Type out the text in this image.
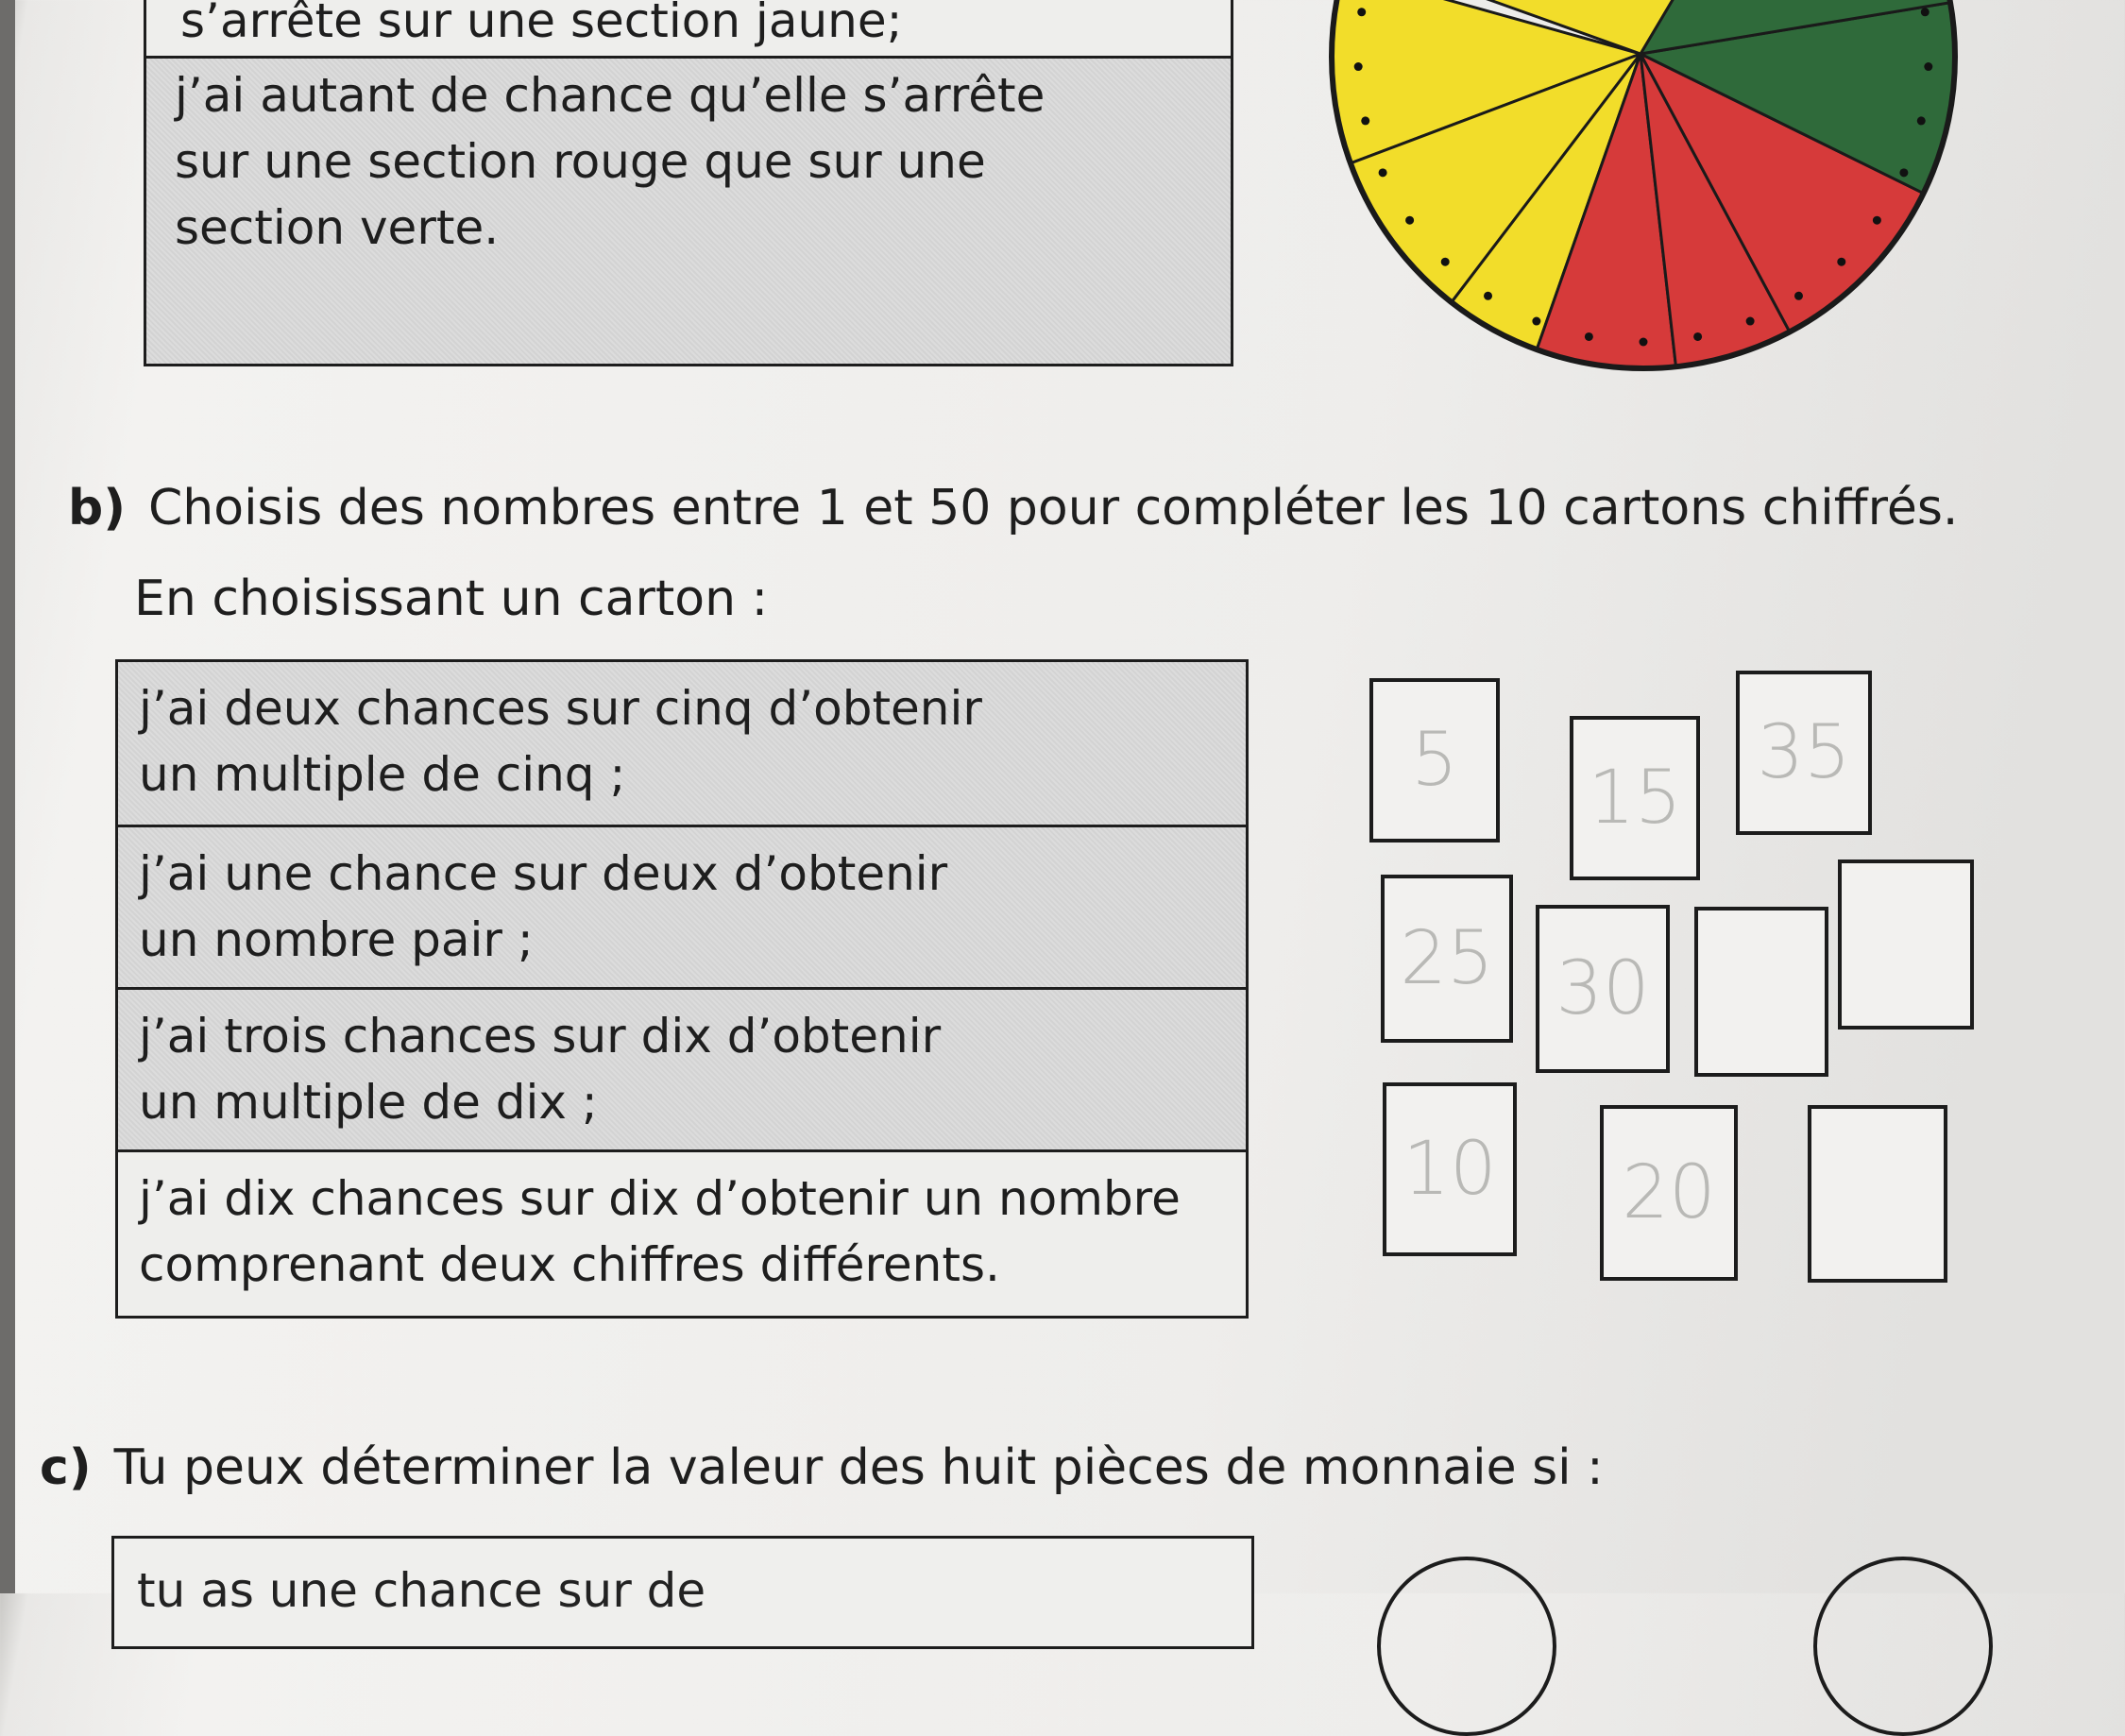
s’arrête sur une section jaune;
j’ai autant de chance qu’elle s’arrête
sur une section rouge que sur une
section verte.
b) Choisis des nombres entre 1 et 50 pour compléter les 10 cartons chiffrés.
En choisissant un carton :
j’ai deux chances sur cinq d’obtenir
un multiple de cinq ;
j’ai une chance sur deux d’obtenir
un nombre pair ;
j’ai trois chances sur dix d’obtenir
un multiple de dix ;
j’ai dix chances sur dix d’obtenir un nombre
comprenant deux chiffres différents.
5	15
35
25 30
10 20
c) Tu peux déterminer la valeur des huit pièces de monnaie si :
tu as une chance sur de
